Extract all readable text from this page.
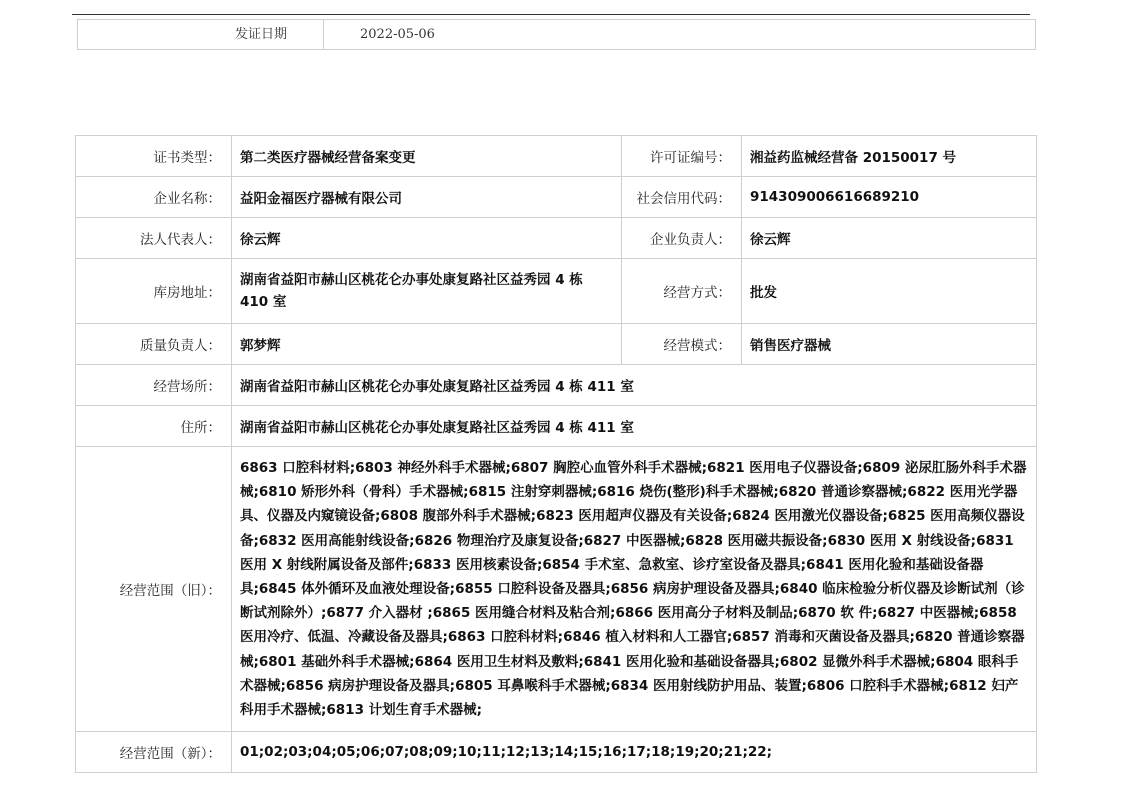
发证日期	2022-05-06
证书类型：	第二类医疗器械经营备案变更	许可证编号：	湘益药监械经营备 20150017 号
企业名称：	益阳金福医疗器械有限公司	社会信用代码：	914309006616689210
法人代表人：	徐云辉	企业负责人：	徐云辉
库房地址：	湖南省益阳市赫山区桃花仑办事处康复路社区益秀园 4 栋 410 室	经营方式：	批发
质量负责人：	郭梦辉	经营模式：	销售医疗器械
经营场所：	湖南省益阳市赫山区桃花仑办事处康复路社区益秀园 4 栋 411 室		
住所：	湖南省益阳市赫山区桃花仑办事处康复路社区益秀园 4 栋 411 室		
经营范围（旧）：	6863 口腔科材料;6803 神经外科手术器械;6807 胸腔心血管外科手术器械;6821 医用电子仪器设备;6809 泌尿肛肠外科手术器械;6810 矫形外科（骨科）手术器械;6815 注射穿刺器械;6816 烧伤(整形)科手术器械;6820 普通诊察器械;6822 医用光学器具、仪器及内窥镜设备;6808 腹部外科手术器械;6823 医用超声仪器及有关设备;6824 医用激光仪器设备;6825 医用高频仪器设备;6832 医用高能射线设备;6826 物理治疗及康复设备;6827 中医器械;6828 医用磁共振设备;6830 医用 X 射线设备;6831 医用 X 射线附属设备及部件;6833 医用核素设备;6854 手术室、急救室、诊疗室设备及器具;6841 医用化验和基础设备器具;6845 体外循环及血液处理设备;6855 口腔科设备及器具;6856 病房护理设备及器具;6840 临床检验分析仪器及诊断试剂（诊断试剂除外）;6877 介入器材 ;6865 医用缝合材料及粘合剂;6866 医用高分子材料及制品;6870 软 件;6827 中医器械;6858 医用冷疗、低温、冷藏设备及器具;6863 口腔科材料;6846 植入材料和人工器官;6857 消毒和灭菌设备及器具;6820 普通诊察器械;6801 基础外科手术器械;6864 医用卫生材料及敷料;6841 医用化验和基础设备器具;6802 显微外科手术器械;6804 眼科手术器械;6856 病房护理设备及器具;6805 耳鼻喉科手术器械;6834 医用射线防护用品、装置;6806 口腔科手术器械;6812 妇产科用手术器械;6813 计划生育手术器械;		
经营范围（新）：	01;02;03;04;05;06;07;08;09;10;11;12;13;14;15;16;17;18;19;20;21;22;		
